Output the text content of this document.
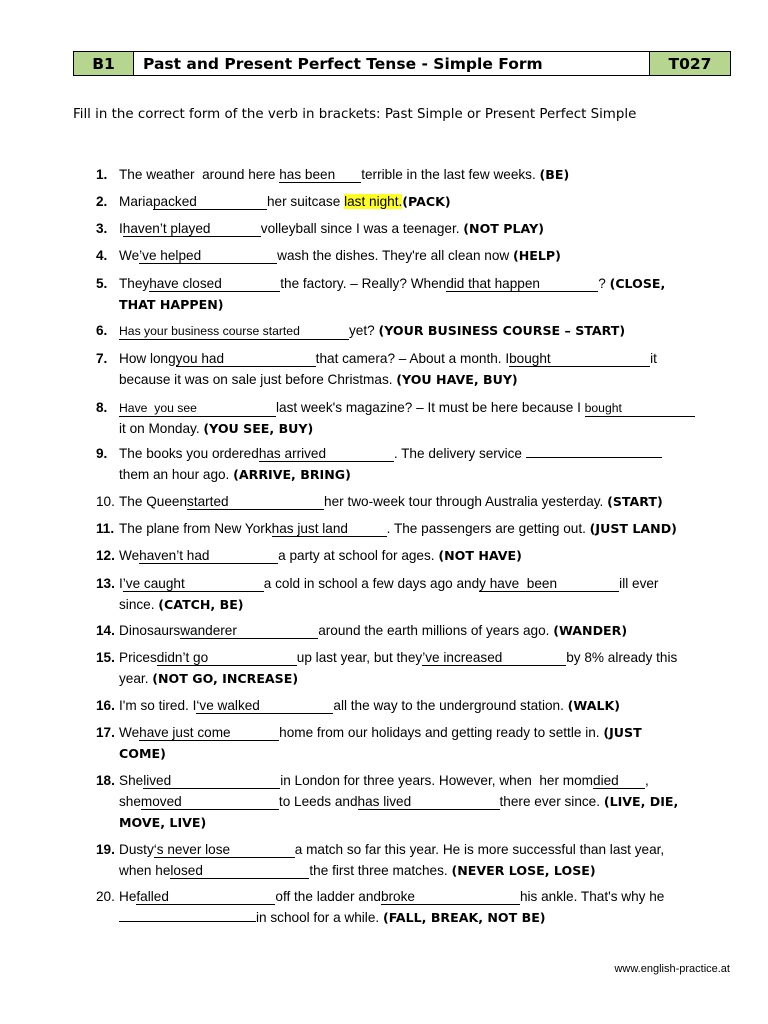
B1	Past and Present Perfect Tense - Simple Form	T027
Fill in the correct form of the verb in brackets: Past Simple or Present Perfect Simple
1. The weather  around here has been terrible in the last few weeks. (BE)
2. Mariapacked	her suitcase last night.(PACK)
3. Ihaven’t played	volleyball since I was a teenager. (NOT PLAY)
4. We’ve helped	wash the dishes. They're all clean now (HELP)
5. Theyhave closed	the factory. – Really? Whendid that happen	? (CLOSE,
THAT HAPPEN)
6. Has your business course started	yet? (YOUR BUSINESS COURSE – START)
7. How longyou had	that camera? – About a month. Ibought	it
because it was on sale just before Christmas. (YOU HAVE, BUY)
8. Have  you see	last week's magazine? – It must be here because I bought
it on Monday. (YOU SEE, BUY)
9. The books you orderedhas arrived	. The delivery service
them an hour ago. (ARRIVE, BRING)
10. The Queenstarted	her two-week tour through Australia yesterday. (START)
11. The plane from New Yorkhas just land	. The passengers are getting out. (JUST LAND)
12. Wehaven’t had	a party at school for ages. (NOT HAVE)
13. I’ve caught	a cold in school a few days ago andy have  been	ill ever
since. (CATCH, BE)
14. Dinosaurswanderer	around the earth millions of years ago. (WANDER)
15. Pricesdidn’t go	up last year, but they’ve increased	by 8% already this
year. (NOT GO, INCREASE)
16. I'm so tired. I‘ve walked	all the way to the underground station. (WALK)
17. Wehave just come	home from our holidays and getting ready to settle in. (JUST
COME)
18. Shelived	in London for three years. However, when  her momdied ,
shemoved	to Leeds andhas lived	there ever since. (LIVE, DIE,
MOVE, LIVE)
19. Dusty‘s never lose	a match so far this year. He is more successful than last year,
when helosed	the first three matches. (NEVER LOSE, LOSE)
20. Hefalled	off the ladder andbroke	his ankle. That's why he
in school for a while. (FALL, BREAK, NOT BE)
www.english-practice.at
